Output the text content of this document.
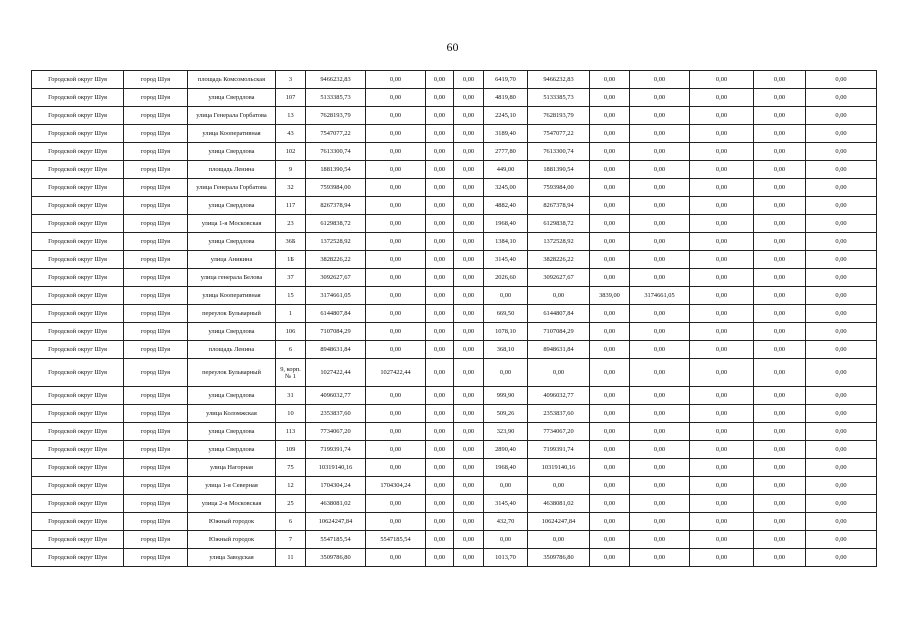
60
Городской округ Шуя	город Шуя	площадь Комсомольская	3	9466232,83	0,00	0,00	0,00	6419,70	9466232,83	0,00	0,00	0,00	0,00	0,00
Городской округ Шуя	город Шуя	улица Свердлова	107	5133385,73	0,00	0,00	0,00	4819,80	5133385,73	0,00	0,00	0,00	0,00	0,00
Городской округ Шуя	город Шуя	улица Генерала Горбатова	13	7628193,79	0,00	0,00	0,00	2245,10	7628193,79	0,00	0,00	0,00	0,00	0,00
Городской округ Шуя	город Шуя	улица Кооперативная	43	7547077,22	0,00	0,00	0,00	3189,40	7547077,22	0,00	0,00	0,00	0,00	0,00
Городской округ Шуя	город Шуя	улица Свердлова	102	7613300,74	0,00	0,00	0,00	2777,80	7613300,74	0,00	0,00	0,00	0,00	0,00
Городской округ Шуя	город Шуя	площадь Ленина	9	1881390,54	0,00	0,00	0,00	449,00	1881390,54	0,00	0,00	0,00	0,00	0,00
Городской округ Шуя	город Шуя	улица Генерала Горбатова	32	7593984,00	0,00	0,00	0,00	3245,00	7593984,00	0,00	0,00	0,00	0,00	0,00
Городской округ Шуя	город Шуя	улица Свердлова	117	8267378,94	0,00	0,00	0,00	4882,40	8267378,94	0,00	0,00	0,00	0,00	0,00
Городской округ Шуя	город Шуя	улица 1-я Московская	23	6129838,72	0,00	0,00	0,00	1968,40	6129838,72	0,00	0,00	0,00	0,00	0,00
Городской округ Шуя	город Шуя	улица Свердлова	36Б	1372528,92	0,00	0,00	0,00	1384,10	1372528,92	0,00	0,00	0,00	0,00	0,00
Городской округ Шуя	город Шуя	улица Аникина	1Б	3828226,22	0,00	0,00	0,00	3145,40	3828226,22	0,00	0,00	0,00	0,00	0,00
Городской округ Шуя	город Шуя	улица генерала Белова	37	3092627,67	0,00	0,00	0,00	2026,60	3092627,67	0,00	0,00	0,00	0,00	0,00
Городской округ Шуя	город Шуя	улица Кооперативная	15	3174661,05	0,00	0,00	0,00	0,00	0,00	3839,00	3174661,05	0,00	0,00	0,00
Городской округ Шуя	город Шуя	переулок Бульварный	1	6144807,84	0,00	0,00	0,00	669,50	6144807,84	0,00	0,00	0,00	0,00	0,00
Городской округ Шуя	город Шуя	улица Свердлова	106	7107084,29	0,00	0,00	0,00	1078,10	7107084,29	0,00	0,00	0,00	0,00	0,00
Городской округ Шуя	город Шуя	площадь Ленина	6	8948631,84	0,00	0,00	0,00	368,10	8948631,84	0,00	0,00	0,00	0,00	0,00
Городской округ Шуя	город Шуя	переулок Бульварный	9, корп. № 1	1027422,44	1027422,44	0,00	0,00	0,00	0,00	0,00	0,00	0,00	0,00	0,00
Городской округ Шуя	город Шуя	улица Свердлова	31	4096032,77	0,00	0,00	0,00	999,90	4096032,77	0,00	0,00	0,00	0,00	0,00
Городской округ Шуя	город Шуя	улица Коломжская	10	2353837,60	0,00	0,00	0,00	509,26	2353837,60	0,00	0,00	0,00	0,00	0,00
Городской округ Шуя	город Шуя	улица Свердлова	113	7734067,20	0,00	0,00	0,00	323,90	7734067,20	0,00	0,00	0,00	0,00	0,00
Городской округ Шуя	город Шуя	улица Свердлова	109	7199391,74	0,00	0,00	0,00	2890,40	7199391,74	0,00	0,00	0,00	0,00	0,00
Городской округ Шуя	город Шуя	улица Нагорная	75	10319140,16	0,00	0,00	0,00	1968,40	10319140,16	0,00	0,00	0,00	0,00	0,00
Городской округ Шуя	город Шуя	улица 1-я Северная	12	1704304,24	1704304,24	0,00	0,00	0,00	0,00	0,00	0,00	0,00	0,00	0,00
Городской округ Шуя	город Шуя	улица 2-я Московская	25	4638081,02	0,00	0,00	0,00	3145,40	4638081,02	0,00	0,00	0,00	0,00	0,00
Городской округ Шуя	город Шуя	Южный городок	6	10624247,84	0,00	0,00	0,00	432,70	10624247,84	0,00	0,00	0,00	0,00	0,00
Городской округ Шуя	город Шуя	Южный городок	7	5547185,54	5547185,54	0,00	0,00	0,00	0,00	0,00	0,00	0,00	0,00	0,00
Городской округ Шуя	город Шуя	улица Заводская	11	3509786,80	0,00	0,00	0,00	1013,70	3509786,80	0,00	0,00	0,00	0,00	0,00
